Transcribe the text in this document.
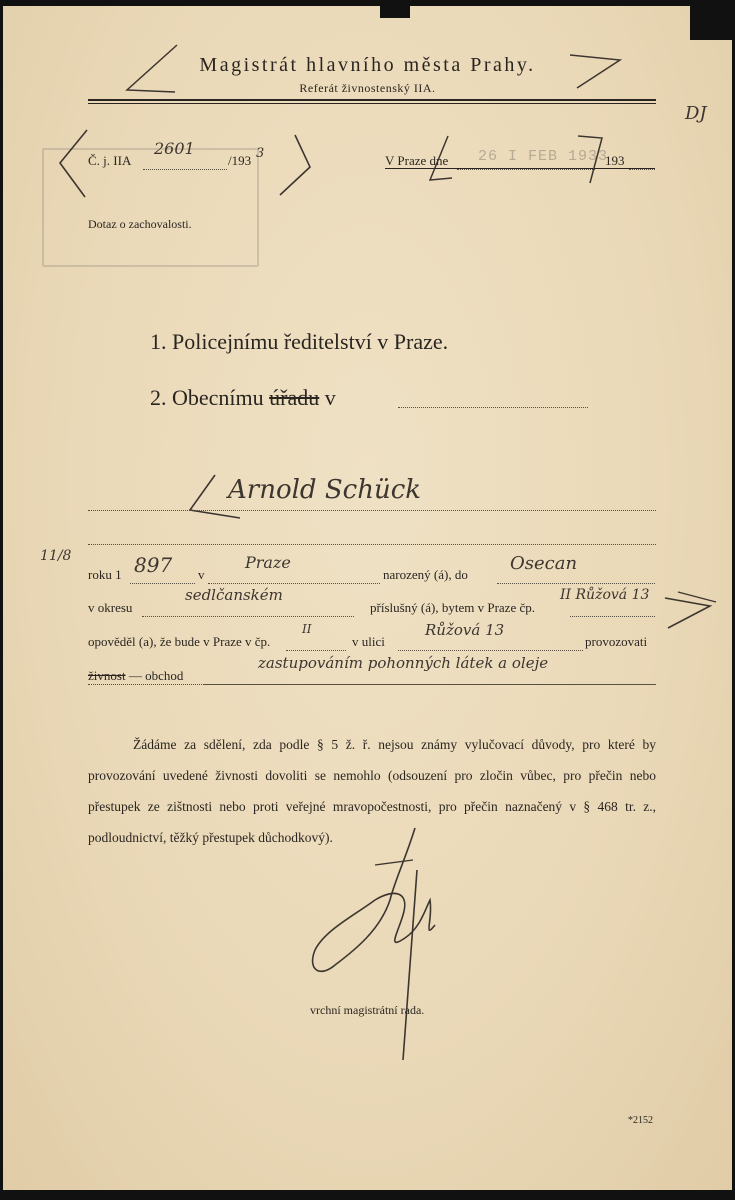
Magistrát hlavního města Prahy.
Referát živnostenský IIA.
DJ
Č. j. IIA
2601
/193 3	V Praze dne 26 I FEB 1933
193
Dotaz o zachovalosti.
1. Policejnímu ředitelství v Praze.
2. Obecnímu úřadu v
Arnold Schück
11/8
roku 1 897 v
Praze
narozený (á), do
Osecan
v okresu
sedlčanském
příslušný (á), bytem v Praze čp.
II Růžová 13
opověděl (a), že bude v Praze v čp.
II
v ulici
Růžová 13
provozovati
živnost — obchod
zastupováním pohonných látek a oleje
Žádáme za sdělení, zda podle § 5 ž. ř. nejsou známy vylučovací důvody, pro které by provozování uvedené živnosti dovoliti se nemohlo (odsouzení pro zločin vůbec, pro přečin nebo přestupek ze zištnosti nebo proti veřejné mravopočestnosti, pro přečin naznačený v § 468 tr. z., podloudnictví, těžký přestupek důchodkový).
vrchní magistrátní rada.
*2152
